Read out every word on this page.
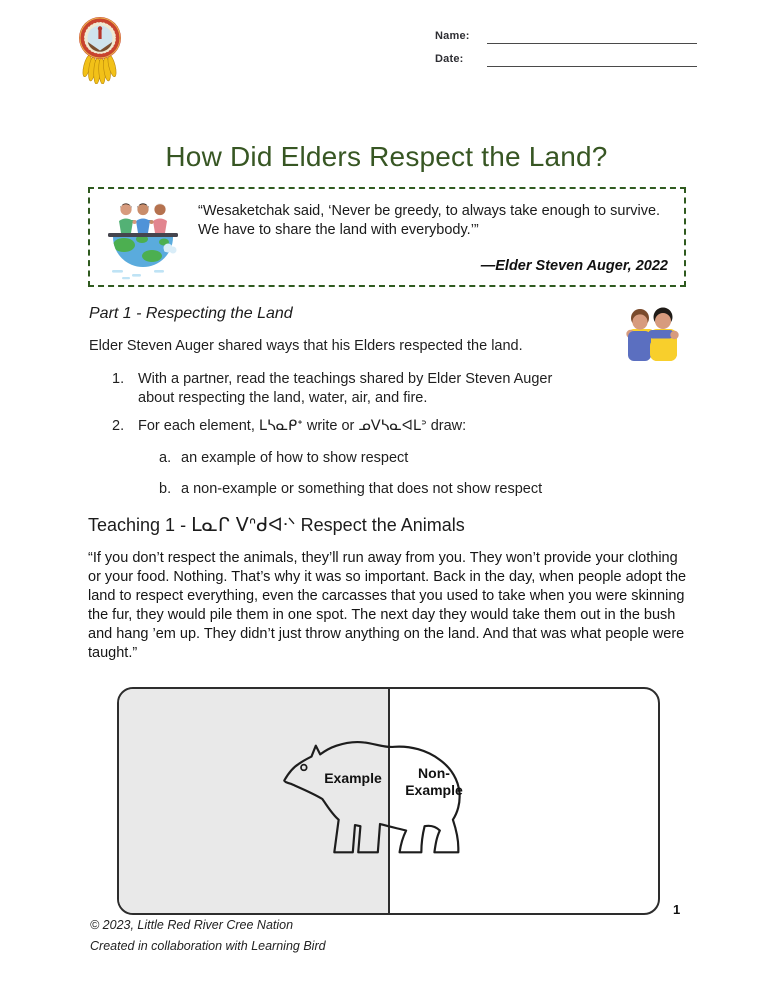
Name:
Date:
How Did Elders Respect the Land?
“Wesaketchak said, ‘Never be greedy, to always take enough to survive. We have to share the land with everybody.’”
—Elder Steven Auger, 2022
Part 1 - Respecting the Land
Elder Steven Auger shared ways that his Elders respected the land.
1. With a partner, read the teachings shared by Elder Steven Auger about respecting the land, water, air, and fire.
2. For each element, ᒪᓴᓇᑭᐩ write or ᓄᐯᓴᓇᐊᒪᐣ draw:
a. an example of how to show respect
b. a non-example or something that does not show respect
Teaching 1 - ᒪᓇᒋ ᐯᐢᑯᐊᐧᐠ Respect the Animals
“If you don’t respect the animals, they’ll run away from you. They won’t provide your clothing or your food. Nothing. That’s why it was so important. Back in the day, when people adopt the land to respect everything, even the carcasses that you used to take when you were skinning the fur, they would pile them in one spot. The next day they would take them out in the bush and hang ’em up. They didn’t just throw anything on the land. And that was what people were taught.”
Example	Non-Example
1
© 2023, Little Red River Cree Nation
Created in collaboration with Learning Bird
